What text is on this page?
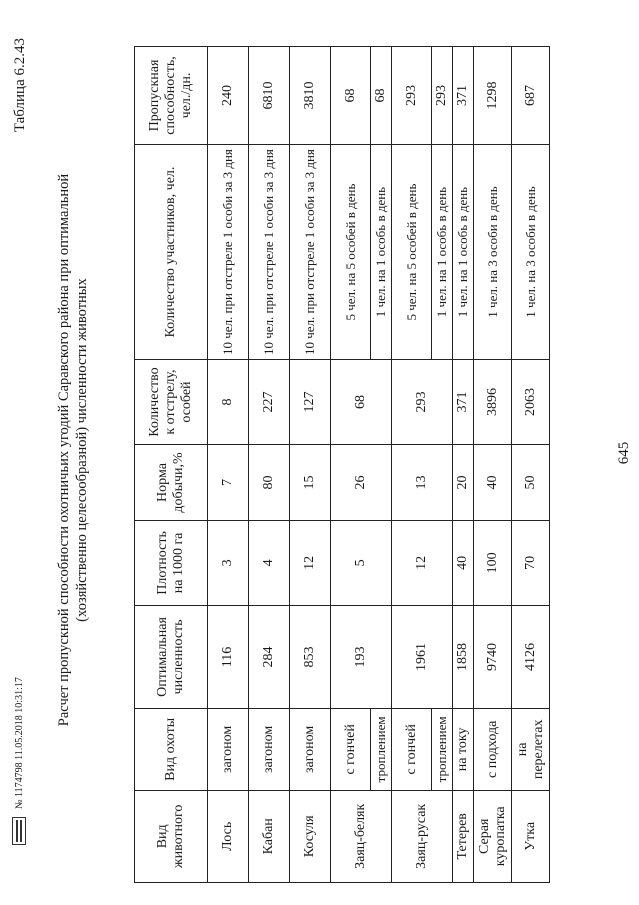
Таблица 6.2.43
Расчет пропускной способности охотничьих угодий Саравского района при оптимальной (хозяйственно целесообразной) численности животных
Вид животного	Вид охоты	Оптимальная численность	Плотность на 1000 га	Норма добычи,%	Количество к отстрелу, особей	Количество участников, чел.	Пропускная способность, чел./дн.
Лось	загоном	116	3	7	8	10 чел. при отстреле 1 особи за 3 дня	240
Кабан	загоном	284	4	80	227	10 чел. при отстреле 1 особи за 3 дня	6810
Косуля	загоном	853	12	15	127	10 чел. при отстреле 1 особи за 3 дня	3810
Заяц-беляк	с гончей	193	5	26	68	5 чел. на 5 особей в день	68
	троплением					1 чел. на 1 особь в день	68
Заяц-русак	с гончей	1961	12	13	293	5 чел. на 5 особей в день	293
	троплением					1 чел. на 1 особь в день	293
Тетерев	на току	1858	40	20	371	1 чел. на 1 особь в день	371
Серая куропатка	с подхода	9740	100	40	3896	1 чел. на 3 особи в день	1298
Утка	на перелетах	4126	70	50	2063	1 чел. на 3 особи в день	687
645
№ 1174798 11.05.2018 10:31:17
